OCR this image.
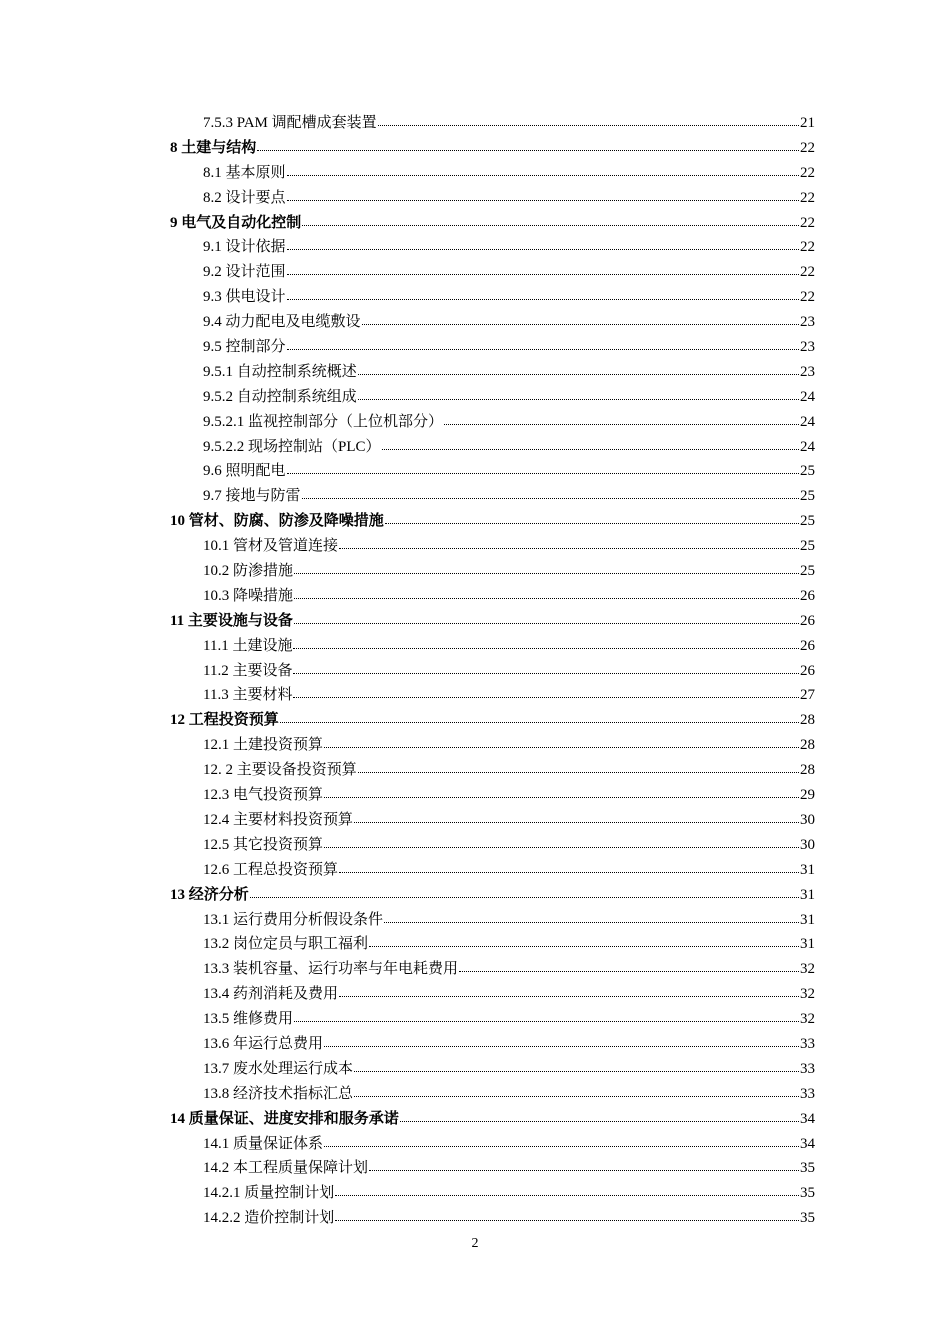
7.5.3 PAM 调配槽成套装置	21
8 土建与结构	22
8.1 基本原则	22
8.2 设计要点	22
9 电气及自动化控制	22
9.1 设计依据	22
9.2 设计范围	22
9.3 供电设计	22
9.4 动力配电及电缆敷设	23
9.5 控制部分	23
9.5.1 自动控制系统概述	23
9.5.2 自动控制系统组成	24
9.5.2.1 监视控制部分（上位机部分）	24
9.5.2.2 现场控制站（PLC）	24
9.6 照明配电	25
9.7 接地与防雷	25
10 管材、防腐、防渗及降噪措施	25
10.1 管材及管道连接	25
10.2 防渗措施	25
10.3 降噪措施	26
11 主要设施与设备	26
11.1 土建设施	26
11.2 主要设备	26
11.3 主要材料	27
12 工程投资预算	28
12.1 土建投资预算	28
12. 2 主要设备投资预算	28
12.3 电气投资预算	29
12.4 主要材料投资预算	30
12.5 其它投资预算	30
12.6 工程总投资预算	31
13 经济分析	31
13.1 运行费用分析假设条件	31
13.2 岗位定员与职工福利	31
13.3 装机容量、运行功率与年电耗费用	32
13.4 药剂消耗及费用	32
13.5 维修费用	32
13.6 年运行总费用	33
13.7 废水处理运行成本	33
13.8 经济技术指标汇总	33
14 质量保证、进度安排和服务承诺	34
14.1 质量保证体系	34
14.2 本工程质量保障计划	35
14.2.1 质量控制计划	35
14.2.2 造价控制计划	35
2
